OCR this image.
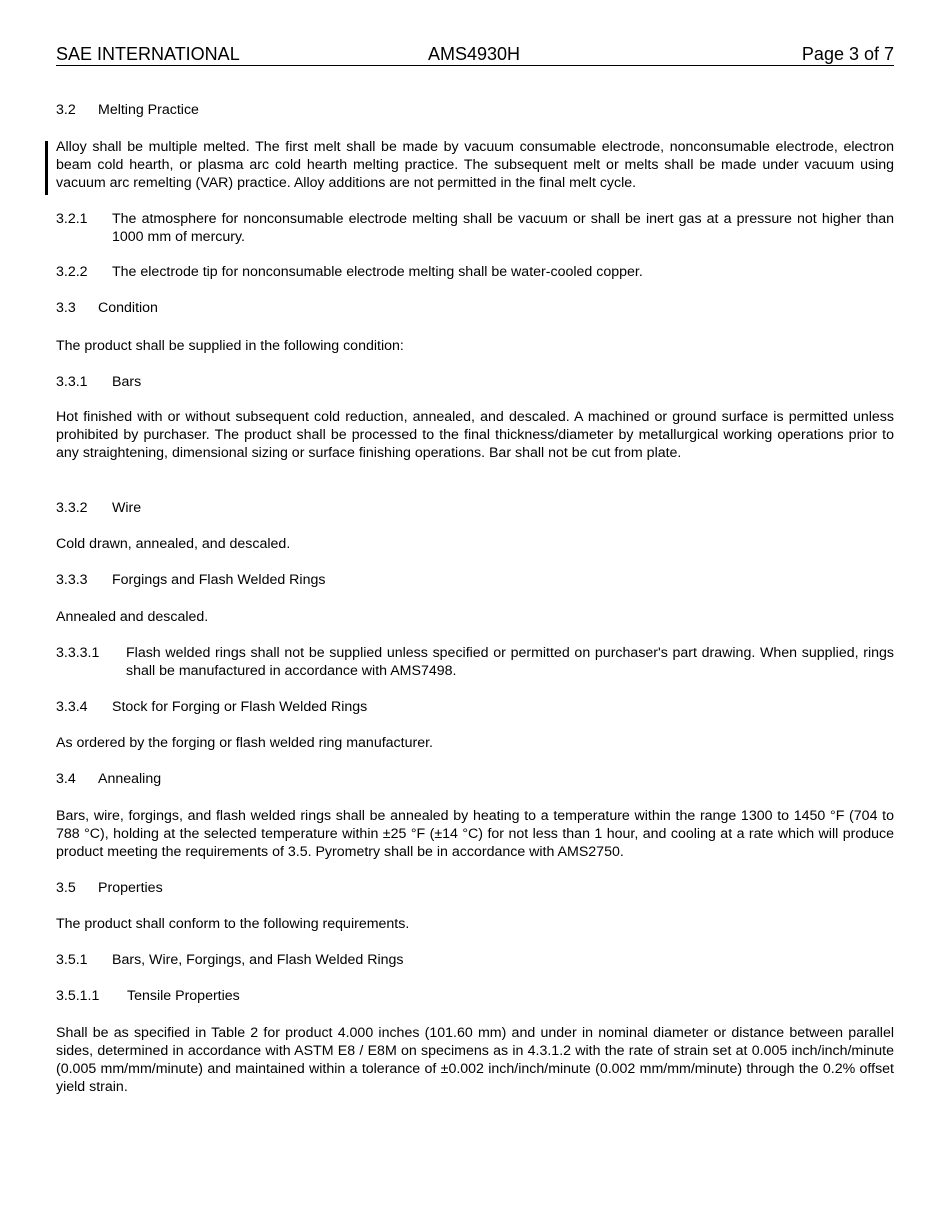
SAE INTERNATIONAL	AMS4930H	Page 3 of 7
3.2 Melting Practice
Alloy shall be multiple melted. The first melt shall be made by vacuum consumable electrode, nonconsumable electrode, electron beam cold hearth, or plasma arc cold hearth melting practice. The subsequent melt or melts shall be made under vacuum using vacuum arc remelting (VAR) practice. Alloy additions are not permitted in the final melt cycle.
3.2.1 The atmosphere for nonconsumable electrode melting shall be vacuum or shall be inert gas at a pressure not higher than 1000 mm of mercury.
3.2.2 The electrode tip for nonconsumable electrode melting shall be water-cooled copper.
3.3 Condition
The product shall be supplied in the following condition:
3.3.1 Bars
Hot finished with or without subsequent cold reduction, annealed, and descaled. A machined or ground surface is permitted unless prohibited by purchaser. The product shall be processed to the final thickness/diameter by metallurgical working operations prior to any straightening, dimensional sizing or surface finishing operations. Bar shall not be cut from plate.
3.3.2 Wire
Cold drawn, annealed, and descaled.
3.3.3 Forgings and Flash Welded Rings
Annealed and descaled.
3.3.3.1 Flash welded rings shall not be supplied unless specified or permitted on purchaser's part drawing. When supplied, rings shall be manufactured in accordance with AMS7498.
3.3.4 Stock for Forging or Flash Welded Rings
As ordered by the forging or flash welded ring manufacturer.
3.4 Annealing
Bars, wire, forgings, and flash welded rings shall be annealed by heating to a temperature within the range 1300 to 1450 °F (704 to 788 °C), holding at the selected temperature within ±25 °F (±14 °C) for not less than 1 hour, and cooling at a rate which will produce product meeting the requirements of 3.5. Pyrometry shall be in accordance with AMS2750.
3.5 Properties
The product shall conform to the following requirements.
3.5.1 Bars, Wire, Forgings, and Flash Welded Rings
3.5.1.1 Tensile Properties
Shall be as specified in Table 2 for product 4.000 inches (101.60 mm) and under in nominal diameter or distance between parallel sides, determined in accordance with ASTM E8 / E8M on specimens as in 4.3.1.2 with the rate of strain set at 0.005 inch/inch/minute (0.005 mm/mm/minute) and maintained within a tolerance of ±0.002 inch/inch/minute (0.002 mm/mm/minute) through the 0.2% offset yield strain.
